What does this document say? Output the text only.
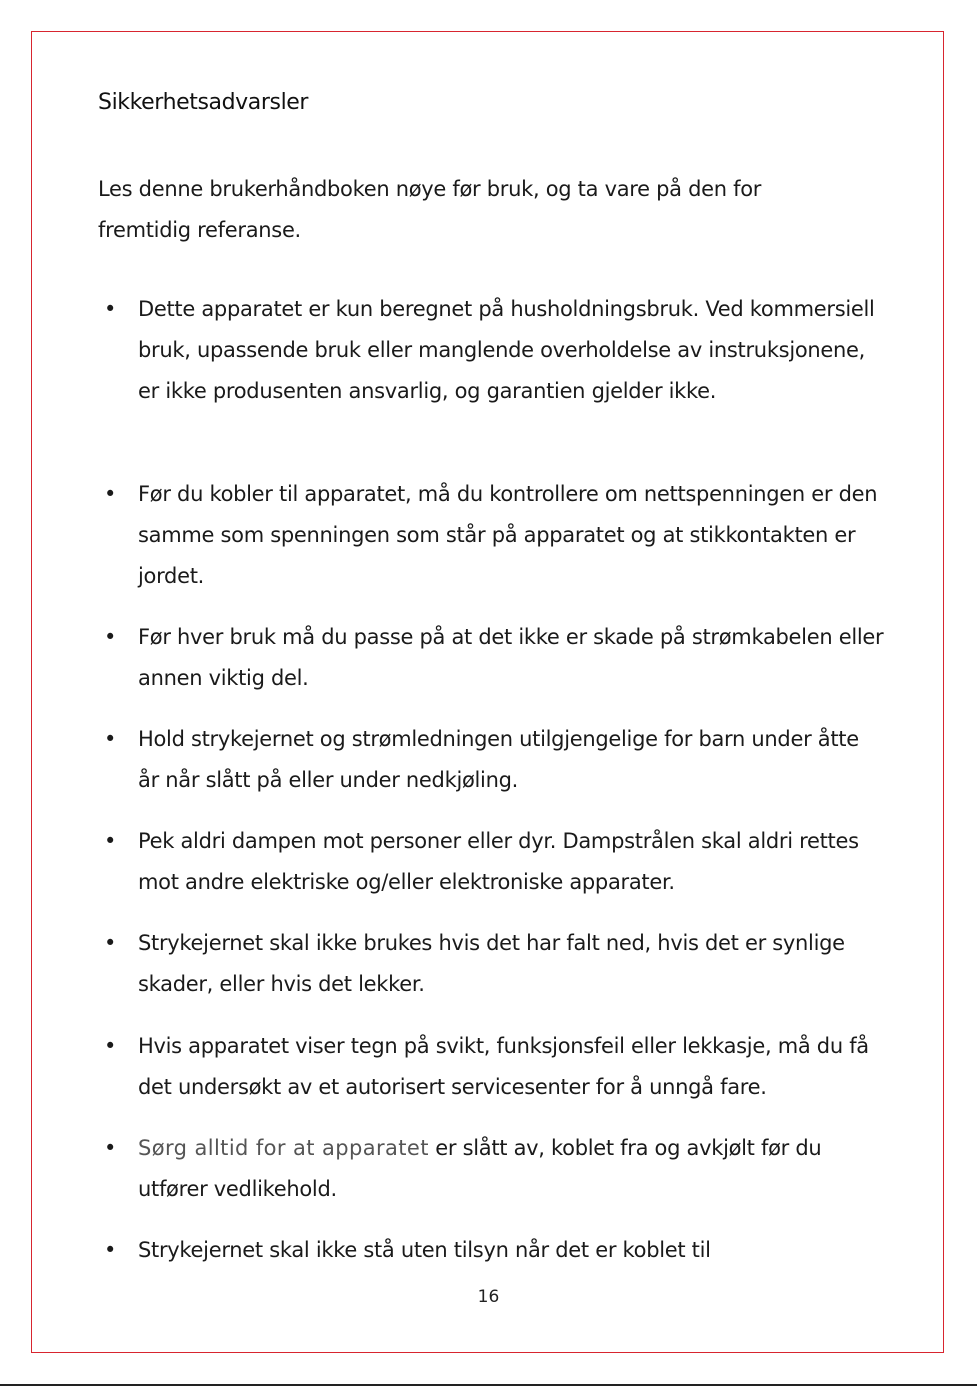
Sikkerhetsadvarsler

Les denne brukerhåndboken nøye før bruk, og ta vare på den for fremtidig referanse.

• Dette apparatet er kun beregnet på husholdningsbruk. Ved kommersiell bruk, upassende bruk eller manglende overholdelse av instruksjonene, er ikke produsenten ansvarlig, og garantien gjelder ikke.

• Før du kobler til apparatet, må du kontrollere om nettspenningen er den samme som spenningen som står på apparatet og at stikkontakten er jordet.

• Før hver bruk må du passe på at det ikke er skade på strømkabelen eller annen viktig del.

• Hold strykejernet og strømledningen utilgjengelige for barn under åtte år når slått på eller under nedkjøling.

• Pek aldri dampen mot personer eller dyr. Dampstrålen skal aldri rettes mot andre elektriske og/eller elektroniske apparater.

• Strykejernet skal ikke brukes hvis det har falt ned, hvis det er synlige skader, eller hvis det lekker.

• Hvis apparatet viser tegn på svikt, funksjonsfeil eller lekkasje, må du få det undersøkt av et autorisert servicesenter for å unngå fare.

• Sørg alltid for at apparatet er slått av, koblet fra og avkjølt før du utfører vedlikehold.

• Strykejernet skal ikke stå uten tilsyn når det er koblet til

16
